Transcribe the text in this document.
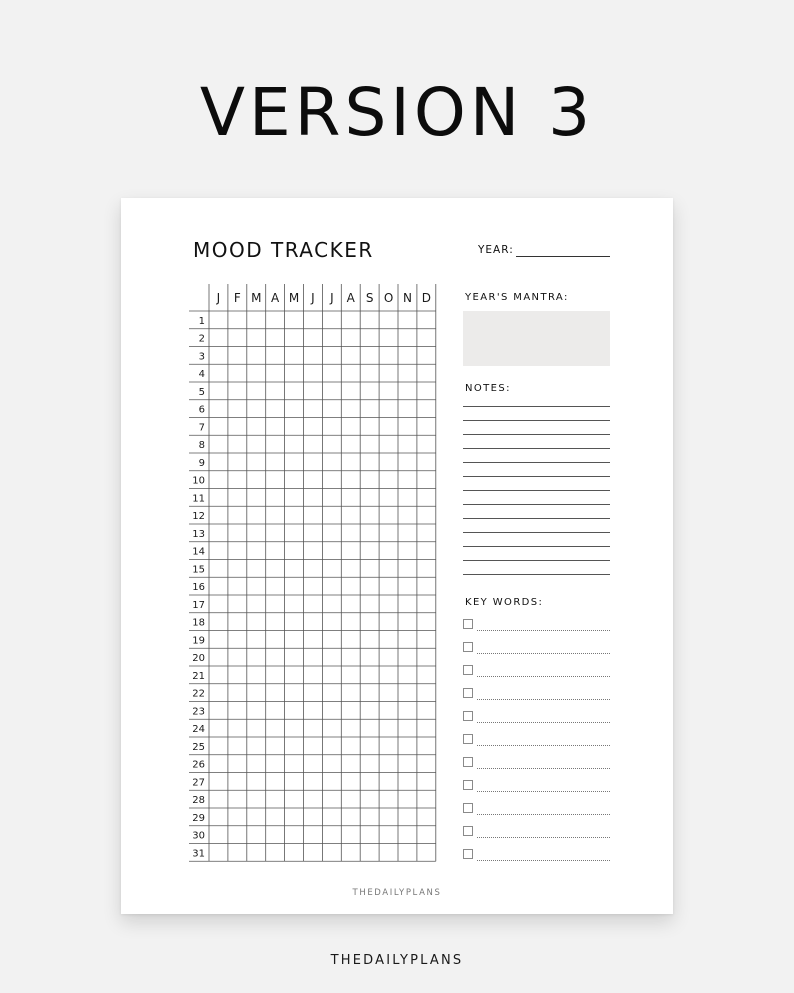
VERSION 3
MOOD TRACKER	YEAR:
J F M A M J J A S O N D
1
2
3
4
5
6
7
8
9
10
11
12
13
14
15
16
17
18
19
20
21
22
23
24
25
26
27
28
29
30
31
YEAR'S MANTRA:
NOTES:
KEY WORDS:
THEDAILYPLANS
THEDAILYPLANS
